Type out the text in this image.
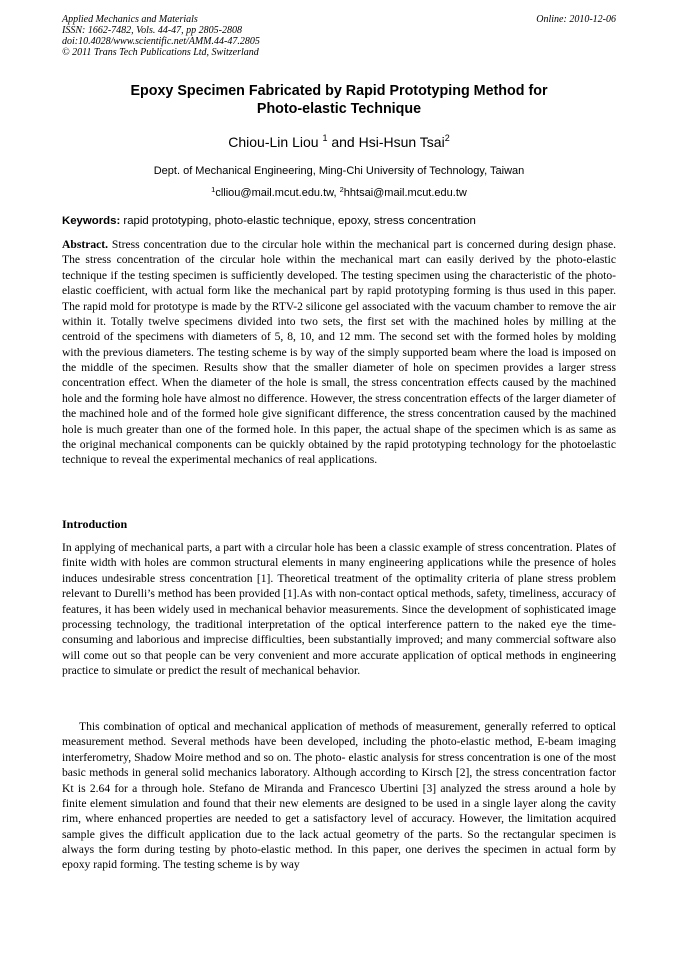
Applied Mechanics and Materials
ISSN: 1662-7482, Vols. 44-47, pp 2805-2808
doi:10.4028/www.scientific.net/AMM.44-47.2805
© 2011 Trans Tech Publications Ltd, Switzerland
Online: 2010-12-06
Epoxy Specimen Fabricated by Rapid Prototyping Method for
Photo-elastic Technique
Chiou-Lin Liou $^1$ and Hsi-Hsun Tsai$^2$
Dept. of Mechanical Engineering, Ming-Chi University of Technology, Taiwan
$^1$clliou@mail.mcut.edu.tw, $^2$hhtsai@mail.mcut.edu.tw
Keywords: rapid prototyping, photo-elastic technique, epoxy, stress concentration

Abstract. Stress concentration due to the circular hole within the mechanical part is concerned during design phase. The stress concentration of the circular hole within the mechanical mart can easily derived by the photo-elastic technique if the testing specimen is sufficiently developed. The testing specimen using the characteristic of the photo-elastic coefficient, with actual form like the mechanical part by rapid prototyping forming is thus used in this paper. The rapid mold for prototype is made by the RTV-2 silicone gel associated with the vacuum chamber to remove the air within it. Totally twelve specimens divided into two sets, the first set with the machined holes by milling at the centroid of the specimens with diameters of 5, 8, 10, and 12 mm. The second set with the formed holes by molding with the previous diameters. The testing scheme is by way of the simply supported beam where the load is imposed on the middle of the specimen. Results show that the smaller diameter of hole on specimen provides a larger stress concentration effect. When the diameter of the hole is small, the stress concentration effects caused by the machined hole and the forming hole have almost no difference. However, the stress concentration effects of the larger diameter of the machined hole and of the formed hole give significant difference, the stress concentration caused by the machined hole is much greater than one of the formed hole. In this paper, the actual shape of the specimen which is as same as the original mechanical components can be quickly obtained by the rapid prototyping technology for the photoelastic technique to reveal the experimental mechanics of real applications.

Introduction

In applying of mechanical parts, a part with a circular hole has been a classic example of stress concentration. Plates of finite width with holes are common structural elements in many engineering applications while the presence of holes induces undesirable stress concentration [1]. Theoretical treatment of the optimality criteria of plane stress problem relevant to Durelli’s method has been provided [1].As with non-contact optical methods, safety, timeliness, accuracy of features, it has been widely used in mechanical behavior measurements. Since the development of sophisticated image processing technology, the traditional interpretation of the optical interference pattern to the naked eye the time-consuming and laborious and imprecise difficulties, been substantially improved; and many commercial software also will come out so that people can be very convenient and more accurate application of optical methods in engineering practice to simulate or predict the result of mechanical behavior.

This combination of optical and mechanical application of methods of measurement, generally referred to optical measurement method. Several methods have been developed, including the photo-elastic method, E-beam imaging interferometry, Shadow Moire method and so on. The photo- elastic analysis for stress concentration is one of the most basic methods in general solid mechanics laboratory. Although according to Kirsch [2], the stress concentration factor Kt is 2.64 for a through hole. Stefano de Miranda and Francesco Ubertini [3] analyzed the stress around a hole by finite element simulation and found that their new elements are designed to be used in a single layer along the cavity rim, where enhanced properties are needed to get a satisfactory level of accuracy. However, the limitation acquired sample gives the difficult application due to the lack actual geometry of the parts. So the rectangular specimen is always the form during testing by photo-elastic method. In this paper, one derives the specimen in actual form by epoxy rapid forming. The testing scheme is by way
